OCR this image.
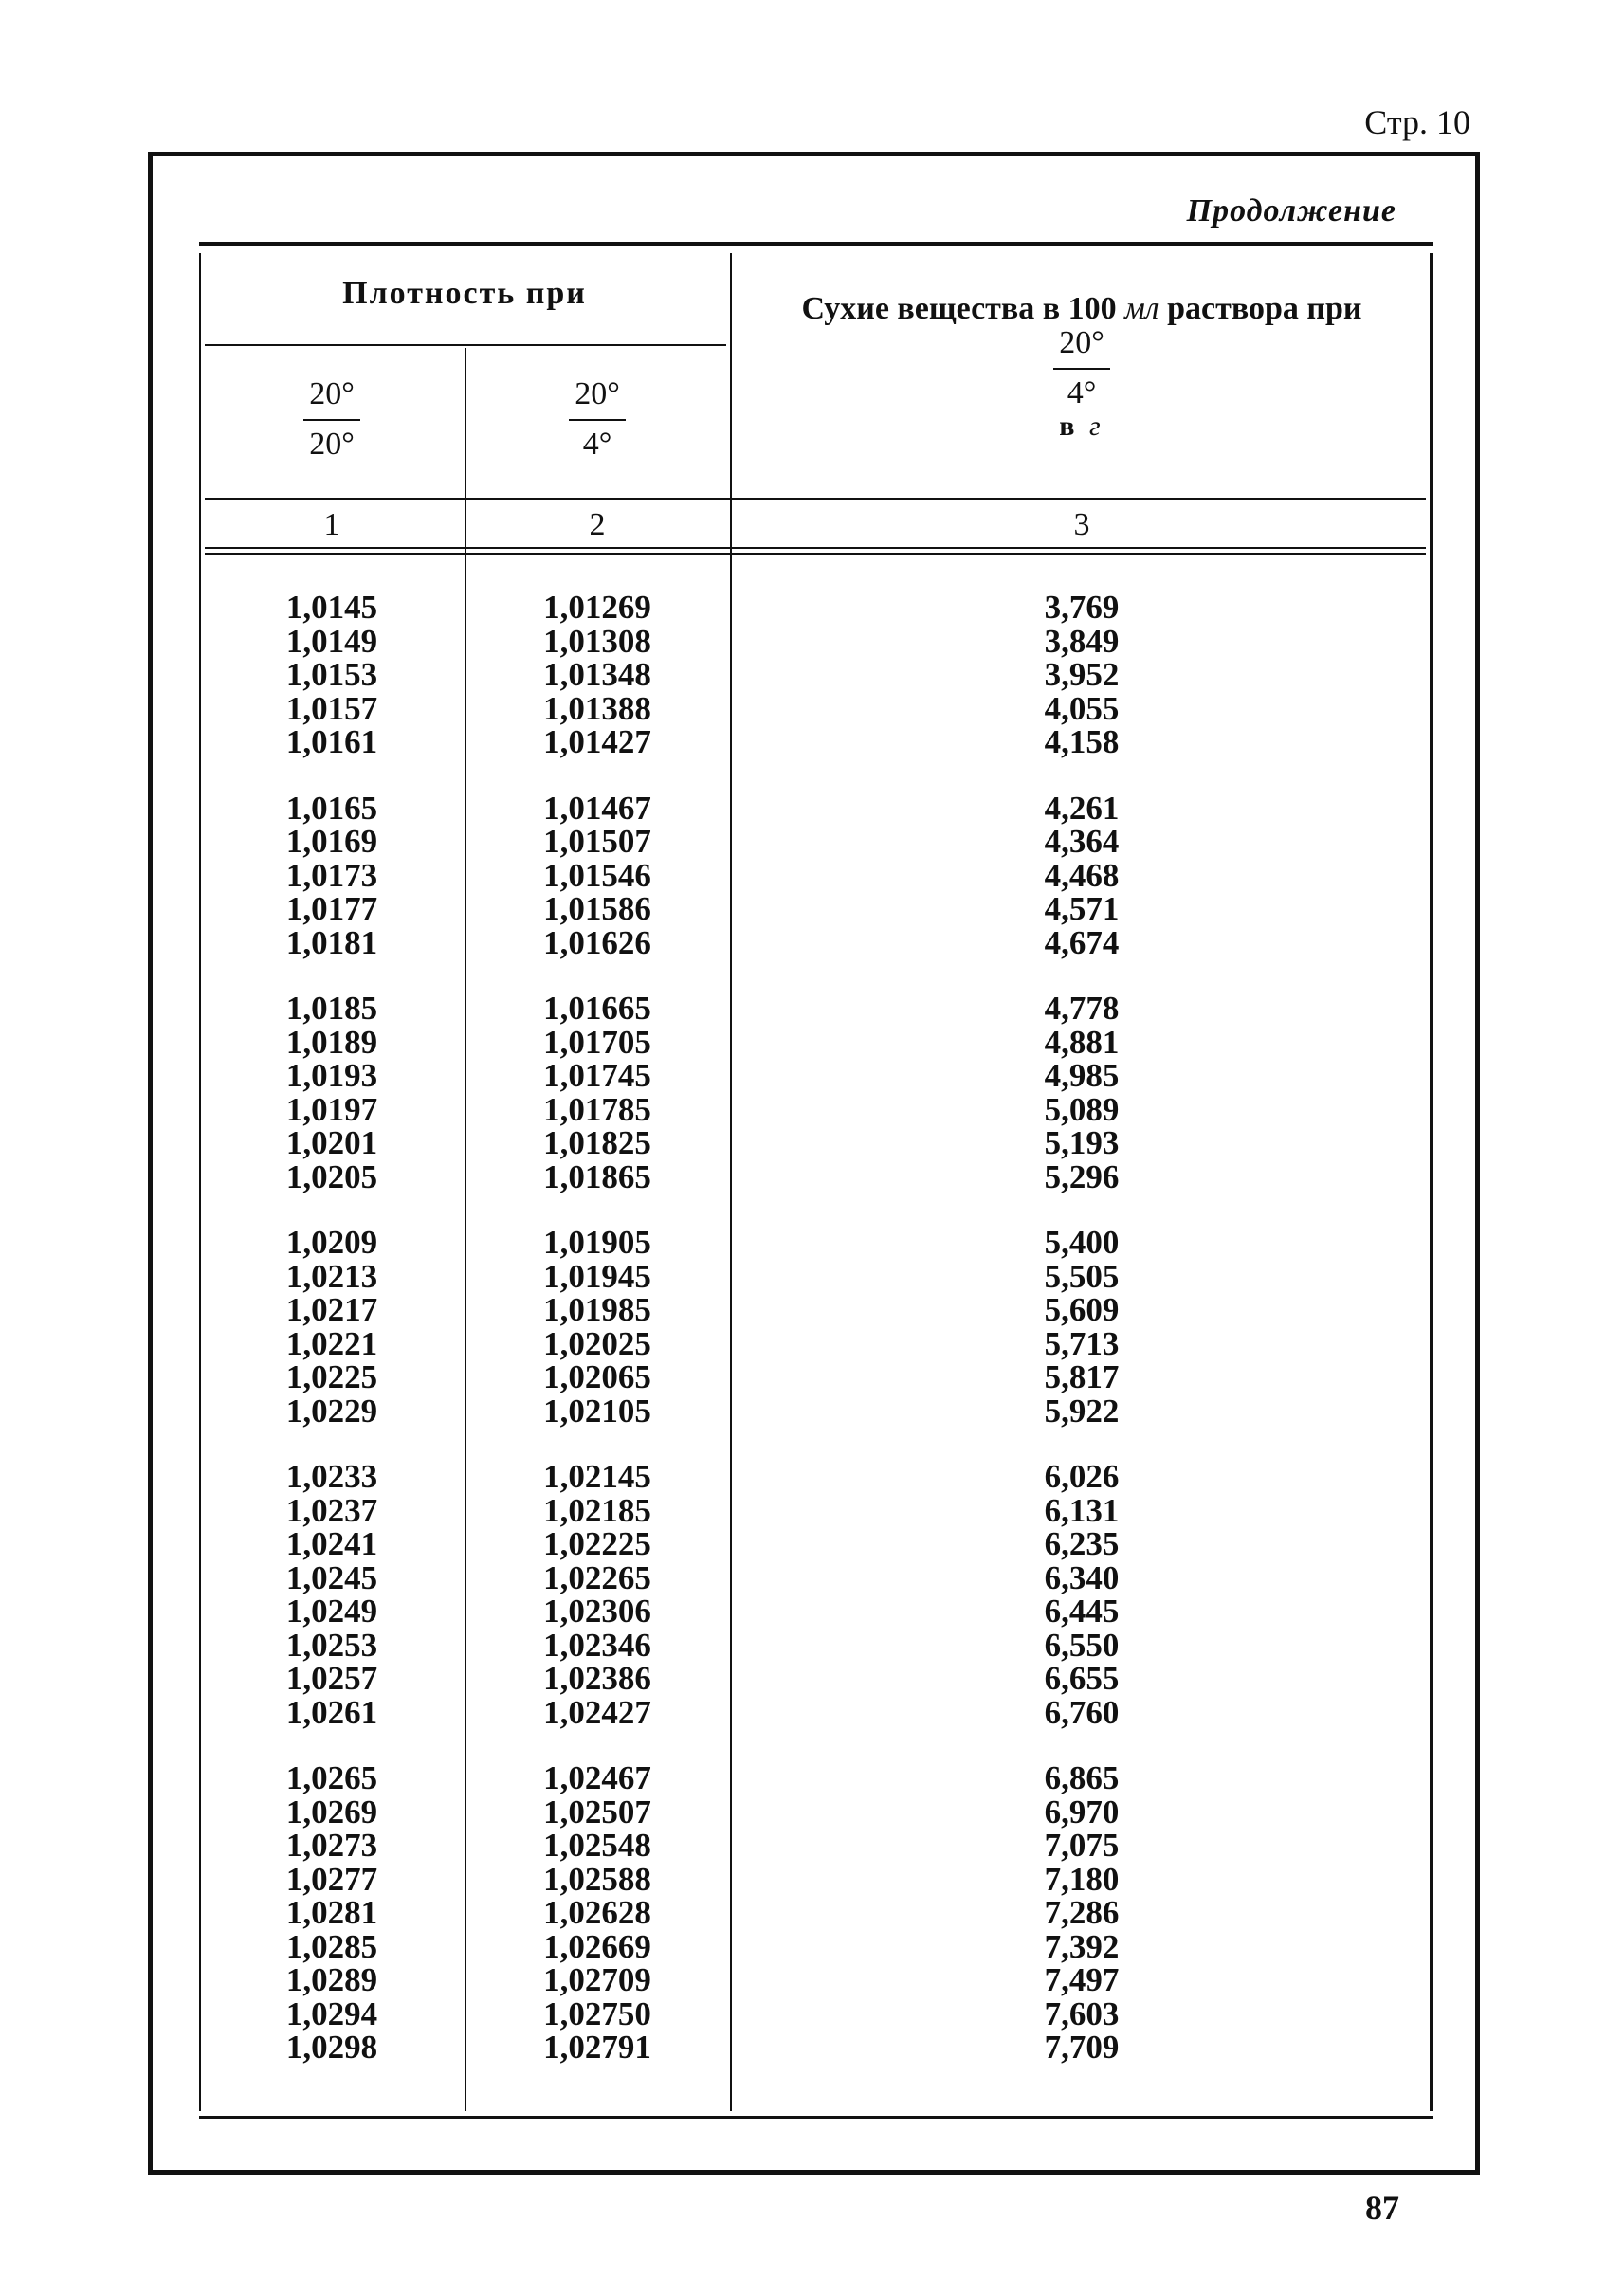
Стр. 10
Продолжение
Плотность при
$\frac{20^\circ}{20^\circ}$	$\frac{20^\circ}{4^\circ}$
Сухие вещества в 100 мл раствора при
$\frac{20^\circ}{4^\circ}$
в г
1	2	3
1,0145	1,01269	3,769
1,0149	1,01308	3,849
1,0153	1,01348	3,952
1,0157	1,01388	4,055
1,0161	1,01427	4,158
1,0165	1,01467	4,261
1,0169	1,01507	4,364
1,0173	1,01546	4,468
1,0177	1,01586	4,571
1,0181	1,01626	4,674
1,0185	1,01665	4,778
1,0189	1,01705	4,881
1,0193	1,01745	4,985
1,0197	1,01785	5,089
1,0201	1,01825	5,193
1,0205	1,01865	5,296
1,0209	1,01905	5,400
1,0213	1,01945	5,505
1,0217	1,01985	5,609
1,0221	1,02025	5,713
1,0225	1,02065	5,817
1,0229	1,02105	5,922
1,0233	1,02145	6,026
1,0237	1,02185	6,131
1,0241	1,02225	6,235
1,0245	1,02265	6,340
1,0249	1,02306	6,445
1,0253	1,02346	6,550
1,0257	1,02386	6,655
1,0261	1,02427	6,760
1,0265	1,02467	6,865
1,0269	1,02507	6,970
1,0273	1,02548	7,075
1,0277	1,02588	7,180
1,0281	1,02628	7,286
1,0285	1,02669	7,392
1,0289	1,02709	7,497
1,0294	1,02750	7,603
1,0298	1,02791	7,709
87
